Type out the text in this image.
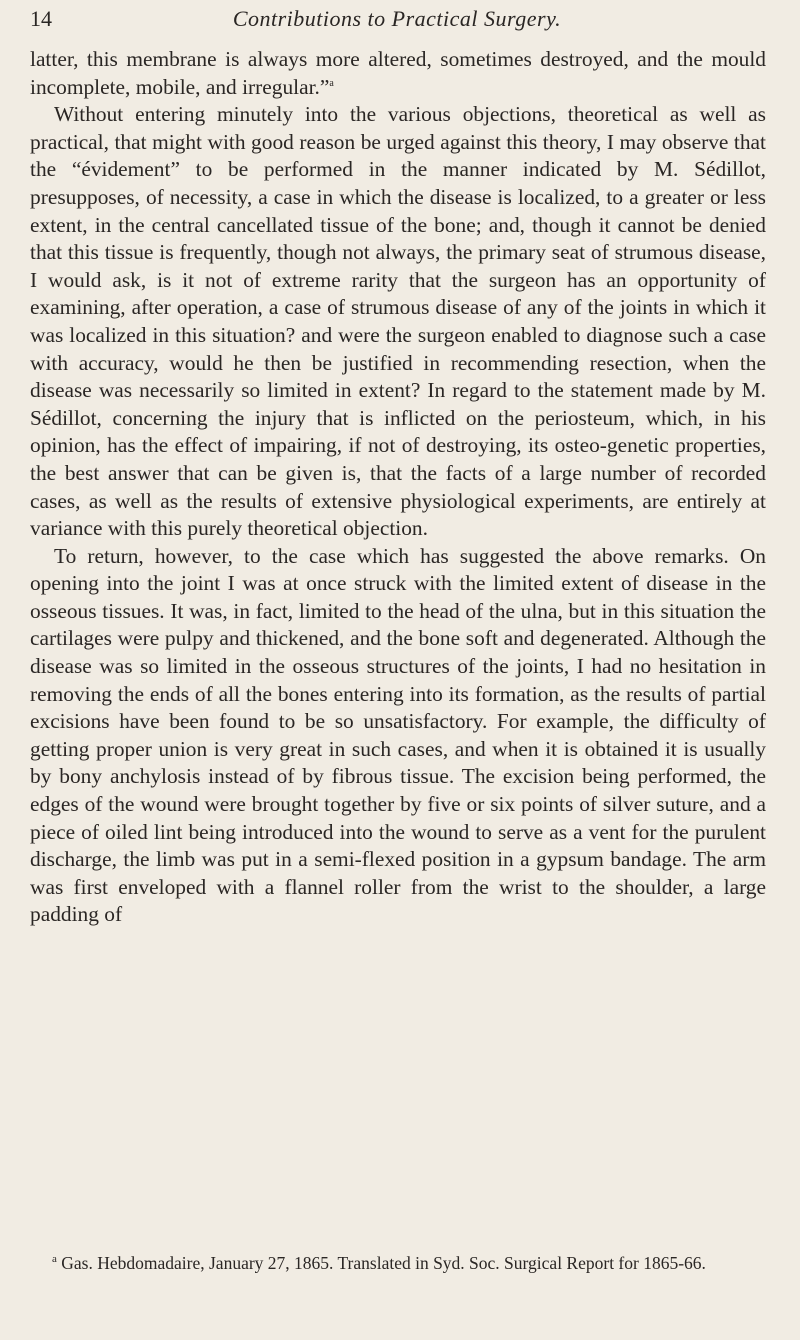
14	Contributions to Practical Surgery.

latter, this membrane is always more altered, sometimes destroyed, and the mould incomplete, mobile, and irregular.”$^a$

Without entering minutely into the various objections, theoretical as well as practical, that might with good reason be urged against this theory, I may observe that the “évidement” to be performed in the manner indicated by M. Sédillot, presupposes, of necessity, a case in which the disease is localized, to a greater or less extent, in the central cancellated tissue of the bone; and, though it cannot be denied that this tissue is frequently, though not always, the primary seat of strumous disease, I would ask, is it not of extreme rarity that the surgeon has an opportunity of examining, after operation, a case of strumous disease of any of the joints in which it was localized in this situation? and were the surgeon enabled to diagnose such a case with accuracy, would he then be justified in recommending resection, when the disease was necessarily so limited in extent? In regard to the statement made by M. Sédillot, concerning the injury that is inflicted on the periosteum, which, in his opinion, has the effect of impairing, if not of destroying, its osteo-genetic properties, the best answer that can be given is, that the facts of a large number of recorded cases, as well as the results of extensive physiological experiments, are entirely at variance with this purely theoretical objection.

To return, however, to the case which has suggested the above remarks. On opening into the joint I was at once struck with the limited extent of disease in the osseous tissues. It was, in fact, limited to the head of the ulna, but in this situation the cartilages were pulpy and thickened, and the bone soft and degenerated. Although the disease was so limited in the osseous structures of the joints, I had no hesitation in removing the ends of all the bones entering into its formation, as the results of partial excisions have been found to be so unsatisfactory. For example, the difficulty of getting proper union is very great in such cases, and when it is obtained it is usually by bony anchylosis instead of by fibrous tissue. The excision being performed, the edges of the wound were brought together by five or six points of silver suture, and a piece of oiled lint being introduced into the wound to serve as a vent for the purulent discharge, the limb was put in a semi-flexed position in a gypsum bandage. The arm was first enveloped with a flannel roller from the wrist to the shoulder, a large padding of

$^a$ Gas. Hebdomadaire, January 27, 1865. Translated in Syd. Soc. Surgical Report for 1865-66.
